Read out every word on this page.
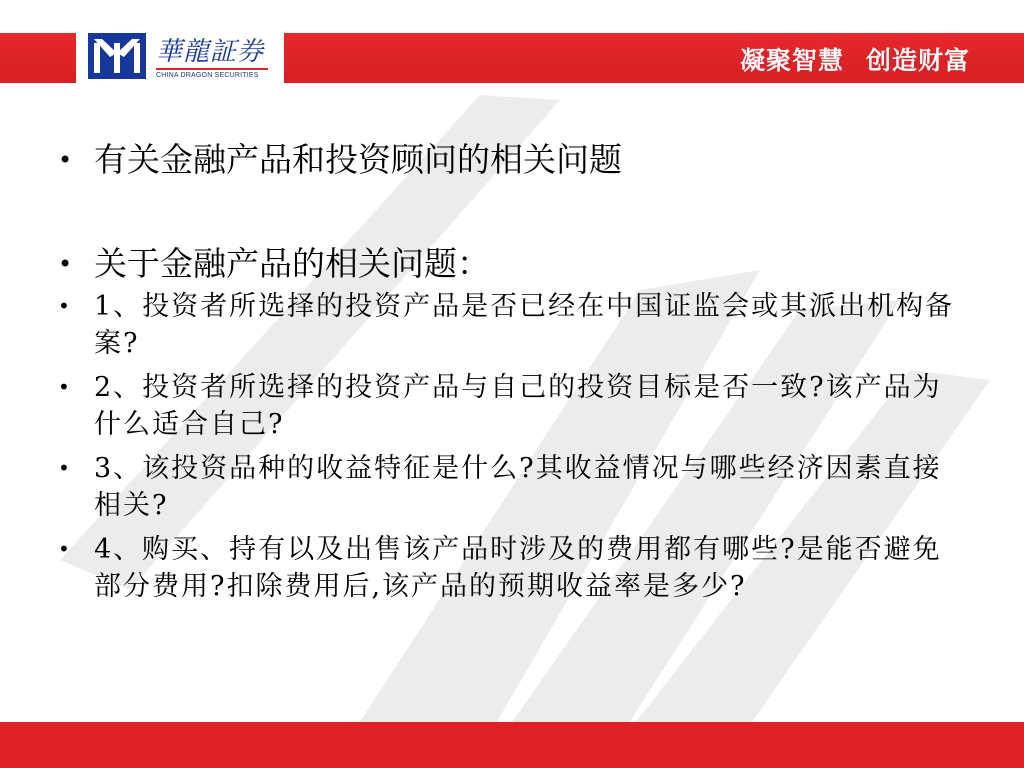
華龍証券
CHINA DRAGON SECURITIES
凝聚智慧 创造财富
• 有关金融产品和投资顾问的相关问题
• 关于金融产品的相关问题：
• 1、投资者所选择的投资产品是否已经在中国证监会或其派出机构备案?
• 2、投资者所选择的投资产品与自己的投资目标是否一致?该产品为什么适合自己?
• 3、该投资品种的收益特征是什么?其收益情况与哪些经济因素直接相关?
• 4、购买、持有以及出售该产品时涉及的费用都有哪些?是能否避免部分费用?扣除费用后,该产品的预期收益率是多少?
